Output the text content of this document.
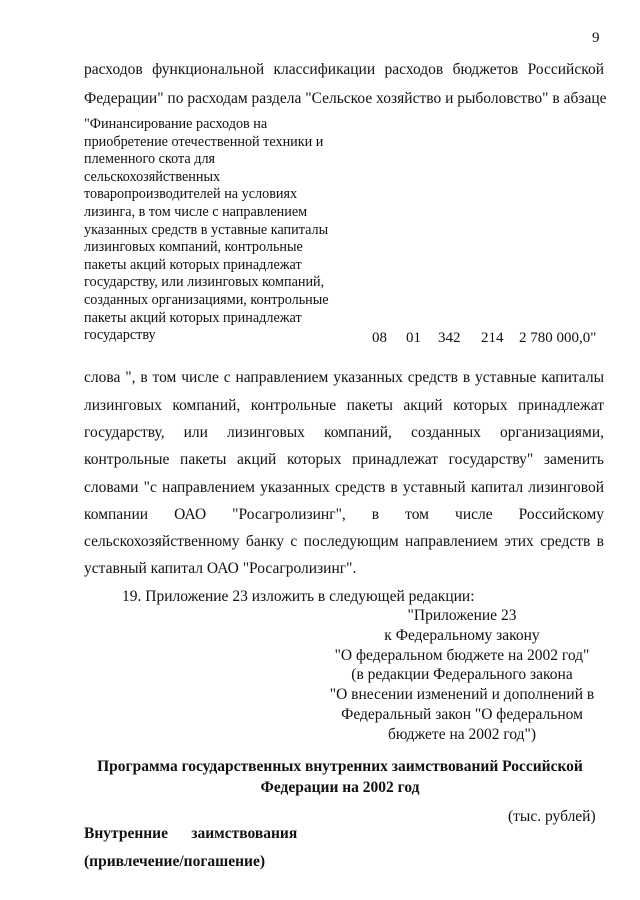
9
расходов функциональной классификации расходов бюджетов Российской
Федерации" по расходам раздела "Сельское хозяйство и рыболовство" в абзаце
"Финансирование расходов на
приобретение отечественной техники и
племенного скота для
сельскохозяйственных
товаропроизводителей на условиях
лизинга, в том числе с направлением
указанных средств в уставные капиталы
лизинговых компаний, контрольные
пакеты акций которых принадлежат
государству, или лизинговых компаний,
созданных организациями, контрольные
пакеты акций которых принадлежат
государству	08 01 342 214 2 780 000,0"
слова ", в том числе с направлением указанных средств в уставные капиталы
лизинговых компаний, контрольные пакеты акций которых принадлежат
государству, или лизинговых компаний, созданных организациями,
контрольные пакеты акций которых принадлежат государству" заменить
словами "с направлением указанных средств в уставный капитал лизинговой
компании ОАО "Росагролизинг", в том числе Российскому
сельскохозяйственному банку с последующим направлением этих средств в
уставный капитал ОАО "Росагролизинг".
19. Приложение 23 изложить в следующей редакции:
"Приложение 23
к Федеральному закону
"О федеральном бюджете на 2002 год"
(в редакции Федерального закона
"О внесении изменений и дополнений в
Федеральный закон "О федеральном
бюджете на 2002 год")
Программа государственных внутренних заимствований Российской
Федерации на 2002 год
(тыс. рублей)
Внутренние      заимствования
(привлечение/погашение)
